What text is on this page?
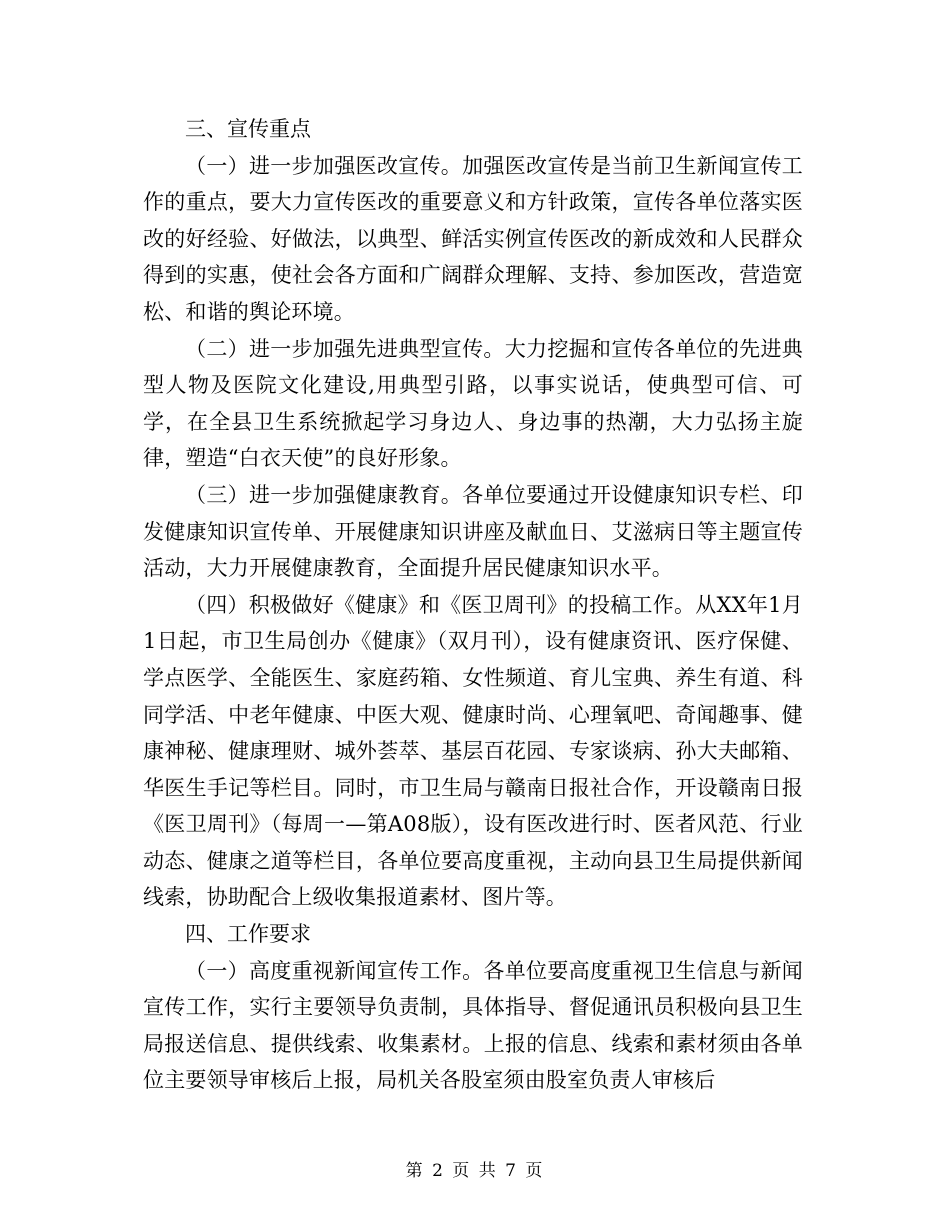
三、宣传重点

（一）进一步加强医改宣传。加强医改宣传是当前卫生新闻宣传工作的重点，要大力宣传医改的重要意义和方针政策，宣传各单位落实医改的好经验、好做法，以典型、鲜活实例宣传医改的新成效和人民群众得到的实惠，使社会各方面和广阔群众理解、支持、参加医改，营造宽松、和谐的舆论环境。

（二）进一步加强先进典型宣传。大力挖掘和宣传各单位的先进典型人物及医院文化建设,用典型引路，以事实说话，使典型可信、可学，在全县卫生系统掀起学习身边人、身边事的热潮，大力弘扬主旋律，塑造“白衣天使”的良好形象。

（三）进一步加强健康教育。各单位要通过开设健康知识专栏、印发健康知识宣传单、开展健康知识讲座及献血日、艾滋病日等主题宣传活动，大力开展健康教育，全面提升居民健康知识水平。

（四）积极做好《健康》和《医卫周刊》的投稿工作。从XX年1月1日起，市卫生局创办《健康》（双月刊），设有健康资讯、医疗保健、学点医学、全能医生、家庭药箱、女性频道、育儿宝典、养生有道、科同学活、中老年健康、中医大观、健康时尚、心理氧吧、奇闻趣事、健康神秘、健康理财、城外荟萃、基层百花园、专家谈病、孙大夫邮箱、华医生手记等栏目。同时，市卫生局与赣南日报社合作，开设赣南日报《医卫周刊》（每周一—第A08版），设有医改进行时、医者风范、行业动态、健康之道等栏目，各单位要高度重视，主动向县卫生局提供新闻线索，协助配合上级收集报道素材、图片等。

四、工作要求

（一）高度重视新闻宣传工作。各单位要高度重视卫生信息与新闻宣传工作，实行主要领导负责制，具体指导、督促通讯员积极向县卫生局报送信息、提供线索、收集素材。上报的信息、线索和素材须由各单位主要领导审核后上报，局机关各股室须由股室负责人审核后

第 2 页 共 7 页
